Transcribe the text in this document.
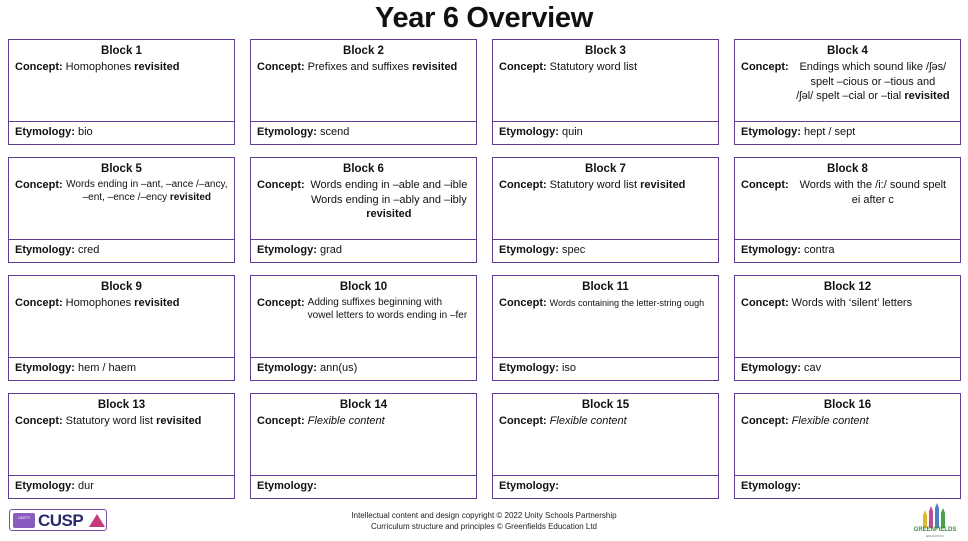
Year 6 Overview
Block 1
Concept: Homophones revisited
Etymology: bio
Block 2
Concept: Prefixes and suffixes revisited
Etymology: scend
Block 3
Concept: Statutory word list
Etymology: quin
Block 4
Concept: Endings which sound like /ʃəs/
spelt –cious or –tious and
/ʃəl/ spelt –cial or –tial revisited
Etymology: hept / sept
Block 5
Concept: Words ending in –ant, –ance /–ancy,
–ent, –ence /–ency revisited
Etymology: cred
Block 6
Concept: Words ending in –able and –ible
Words ending in –ably and –ibly
revisited
Etymology: grad
Block 7
Concept: Statutory word list revisited
Etymology: spec
Block 8
Concept: Words with the /i:/ sound spelt
ei after c
Etymology: contra
Block 9
Concept: Homophones revisited
Etymology: hem / haem
Block 10
Concept: Adding suffixes beginning with
vowel letters to words ending in –fer
Etymology: ann(us)
Block 11
Concept: Words containing the letter-string ough
Etymology: iso
Block 12
Concept: Words with ‘silent’ letters
Etymology: cav
Block 13
Concept: Statutory word list revisited
Etymology: dur
Block 14
Concept: Flexible content
Etymology:
Block 15
Concept: Flexible content
Etymology:
Block 16
Concept: Flexible content
Etymology:
Intellectual content and design copyright © 2022 Unity Schools Partnership
Curriculum structure and principles © Greenfields Education Ltd
UNITY CUSP	GREENFIELDS
EDUCATION
